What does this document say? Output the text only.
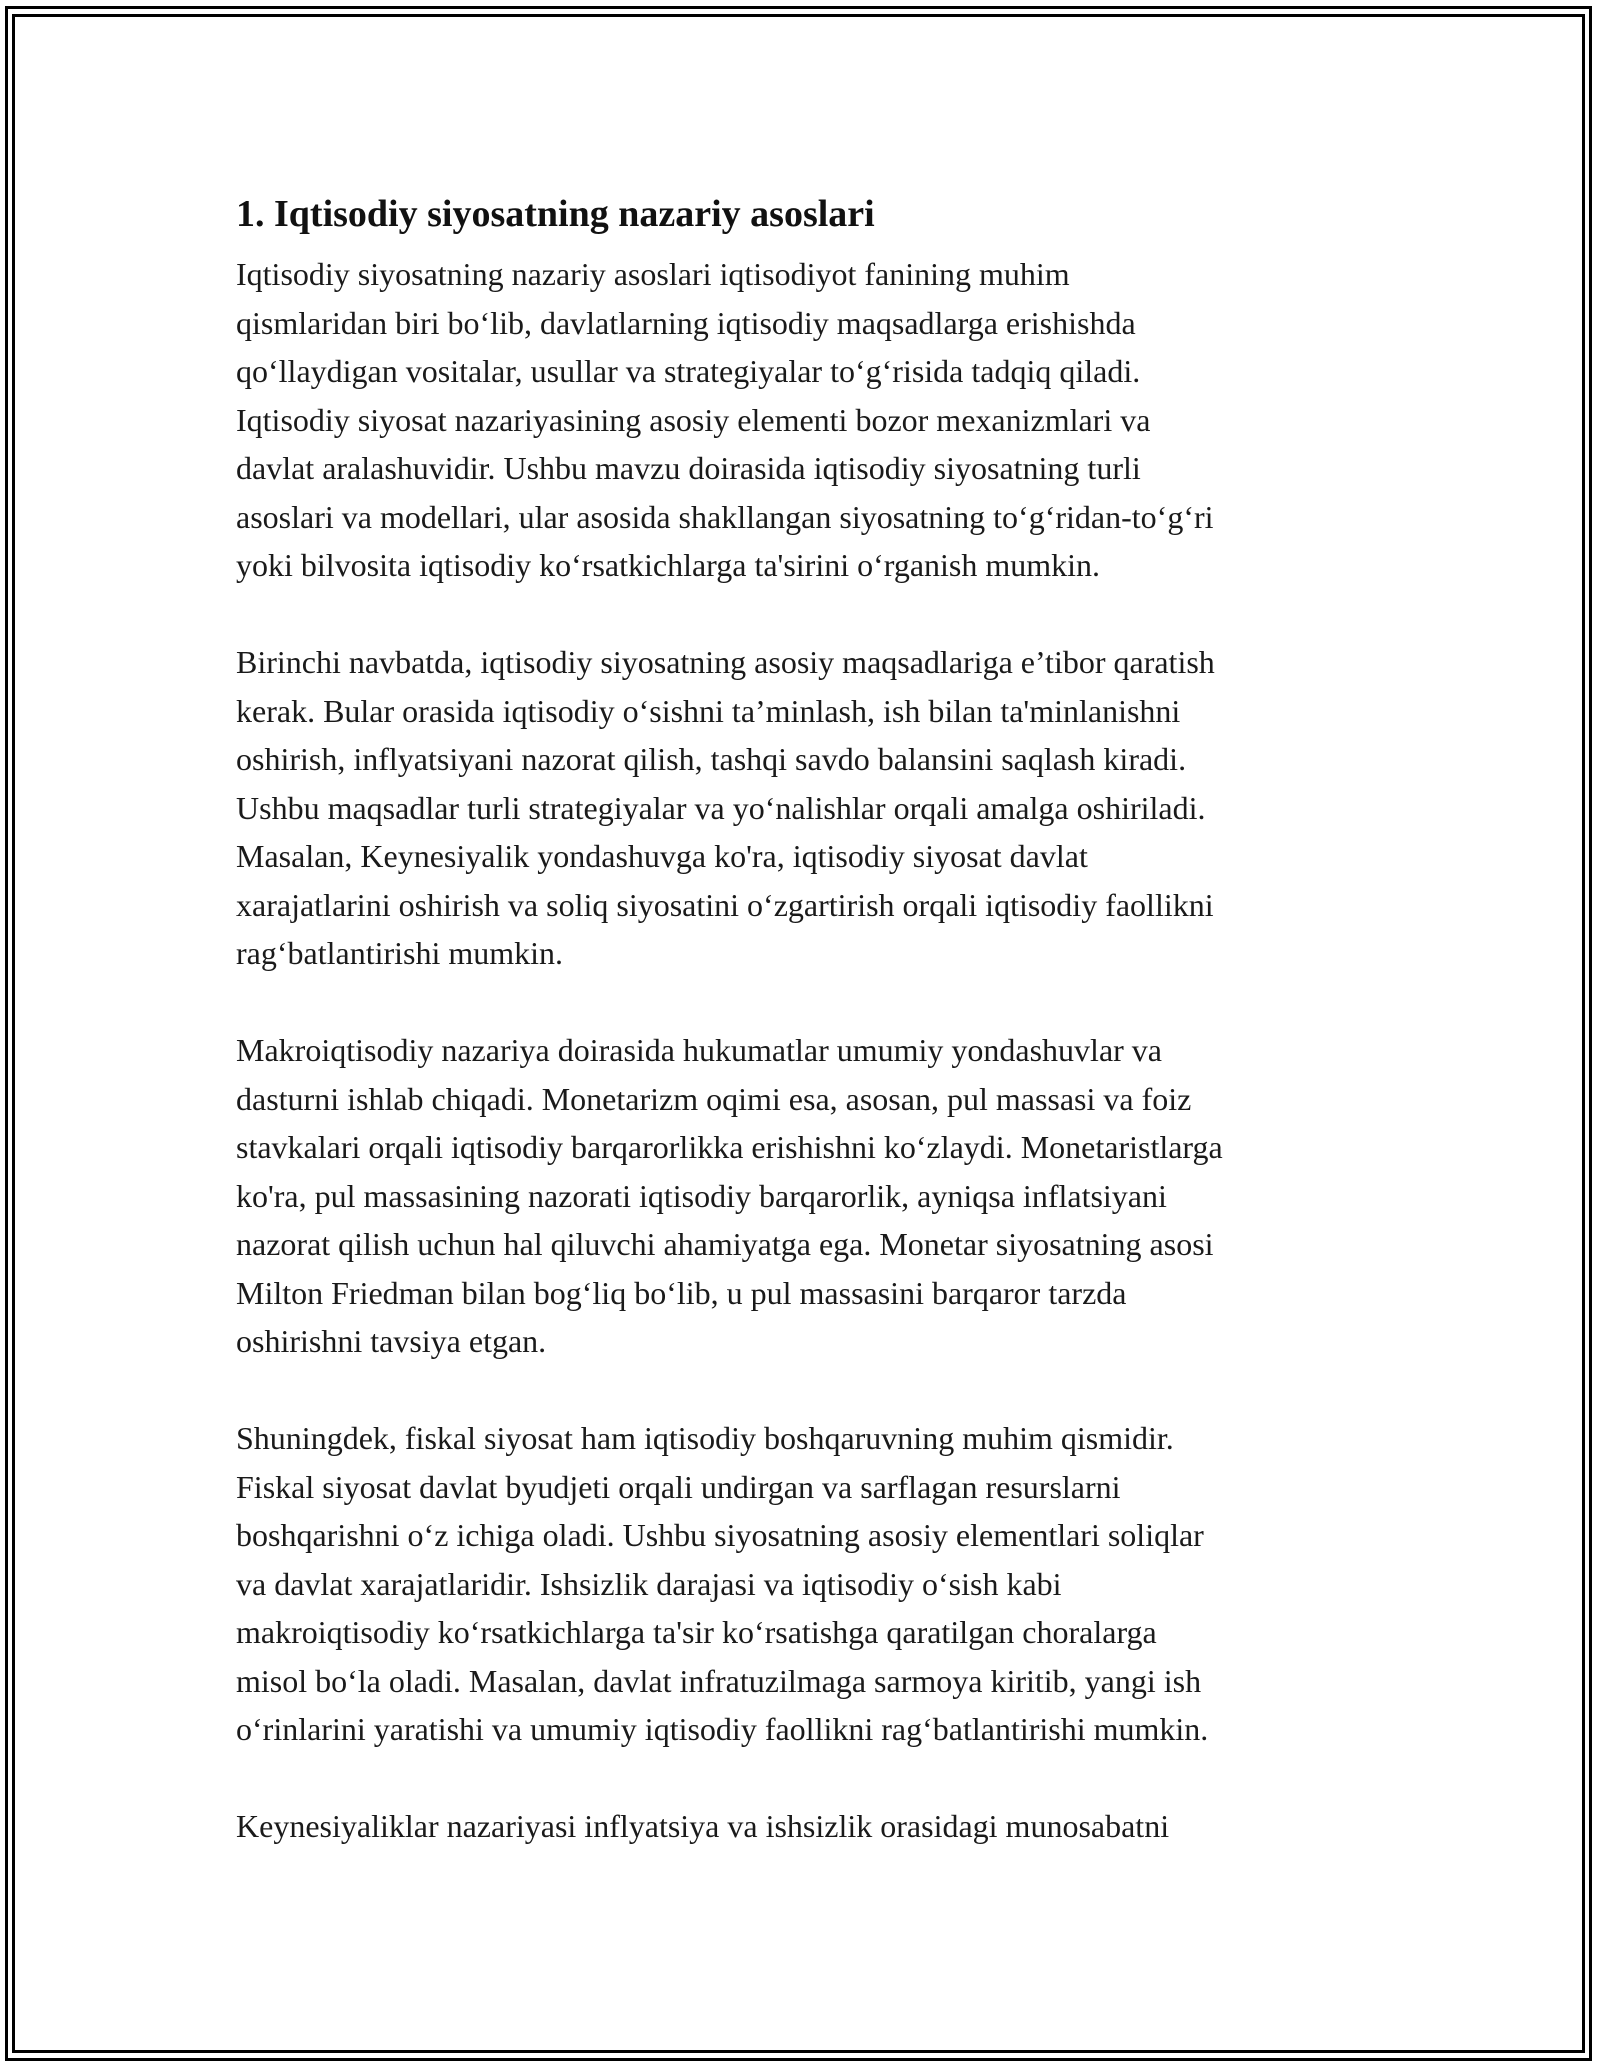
1. Iqtisodiy siyosatning nazariy asoslari

Iqtisodiy siyosatning nazariy asoslari iqtisodiyot fanining muhim
qismlaridan biri bo‘lib, davlatlarning iqtisodiy maqsadlarga erishishda
qo‘llaydigan vositalar, usullar va strategiyalar to‘g‘risida tadqiq qiladi.
Iqtisodiy siyosat nazariyasining asosiy elementi bozor mexanizmlari va
davlat aralashuvidir. Ushbu mavzu doirasida iqtisodiy siyosatning turli
asoslari va modellari, ular asosida shakllangan siyosatning to‘g‘ridan-to‘g‘ri
yoki bilvosita iqtisodiy ko‘rsatkichlarga ta'sirini o‘rganish mumkin.

Birinchi navbatda, iqtisodiy siyosatning asosiy maqsadlariga e’tibor qaratish
kerak. Bular orasida iqtisodiy o‘sishni ta’minlash, ish bilan ta'minlanishni
oshirish, inflyatsiyani nazorat qilish, tashqi savdo balansini saqlash kiradi.
Ushbu maqsadlar turli strategiyalar va yo‘nalishlar orqali amalga oshiriladi.
Masalan, Keynesiyalik yondashuvga ko'ra, iqtisodiy siyosat davlat
xarajatlarini oshirish va soliq siyosatini o‘zgartirish orqali iqtisodiy faollikni
rag‘batlantirishi mumkin.

Makroiqtisodiy nazariya doirasida hukumatlar umumiy yondashuvlar va
dasturni ishlab chiqadi. Monetarizm oqimi esa, asosan, pul massasi va foiz
stavkalari orqali iqtisodiy barqarorlikka erishishni ko‘zlaydi. Monetaristlarga
ko'ra, pul massasining nazorati iqtisodiy barqarorlik, ayniqsa inflatsiyani
nazorat qilish uchun hal qiluvchi ahamiyatga ega. Monetar siyosatning asosi
Milton Friedman bilan bog‘liq bo‘lib, u pul massasini barqaror tarzda
oshirishni tavsiya etgan.

Shuningdek, fiskal siyosat ham iqtisodiy boshqaruvning muhim qismidir.
Fiskal siyosat davlat byudjeti orqali undirgan va sarflagan resurslarni
boshqarishni o‘z ichiga oladi. Ushbu siyosatning asosiy elementlari soliqlar
va davlat xarajatlaridir. Ishsizlik darajasi va iqtisodiy o‘sish kabi
makroiqtisodiy ko‘rsatkichlarga ta'sir ko‘rsatishga qaratilgan choralarga
misol bo‘la oladi. Masalan, davlat infratuzilmaga sarmoya kiritib, yangi ish
o‘rinlarini yaratishi va umumiy iqtisodiy faollikni rag‘batlantirishi mumkin.

Keynesiyaliklar nazariyasi inflyatsiya va ishsizlik orasidagi munosabatni
